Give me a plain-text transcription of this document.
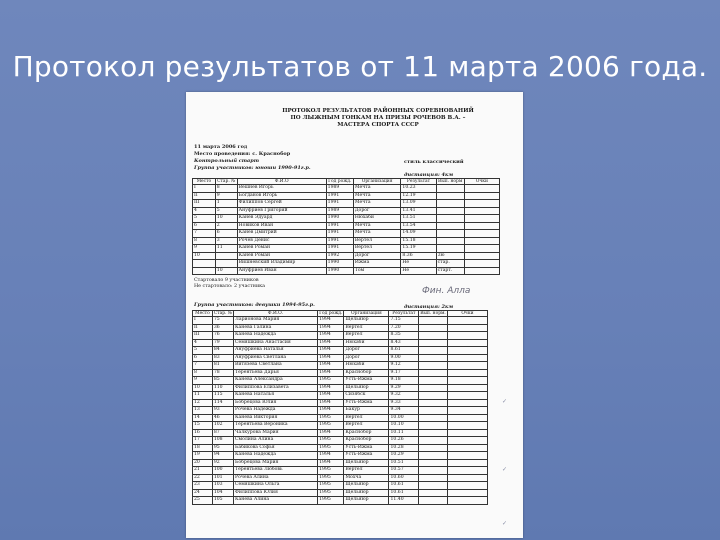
Протокол результатов от 11 марта 2006 года.
ПРОТОКОЛ РЕЗУЛЬТАТОВ РАЙОННЫХ СОРЕВНОВАНИЙ
ПО ЛЫЖНЫМ ГОНКАМ НА ПРИЗЫ РОЧЕВОВ В.А. –
МАСТЕРА СПОРТА СССР
11 марта 2006 год
Место проведения: с. Краснобор
Контрольный старт	стиль классический
Группа участников: юноши 1990-91г.р.
дистанция: 4км
Место	Стар. №	Ф.И.О	Год рожд.	Организация	Результат	Вып. норм	Очки
I	8	Вешнев Игорь	1989	Мечта	10.23		
II	9	Богданов Игорь	1991	Мечта	12.19		
III	1	Филиппов Сергей	1991	Мечта	13.09		
4	5	Ануфриев Григорий	1989	Дорог	13.41		
5	10	Канев Эдуард	1990	Нюхаби	13.51		
6	2	Новиков Иван	1991	Мечта	13.54		
7	6	Канев Дмитрий	1991	Мечта	14.09		
8	3	Рочев Денис	1991	Вертел	15.18		
9	11	Канев Роман	1991	Вертел	15.19		
10		Канев Роман	1992	Дорог	8.36	3ю	
		Вишневский Владимир	1990	Ижма	Не	стар.	
	10	Ануфриев Иван	1990	Том	Не	старт.	
Стартовало 9 участников
Не стартовало: 2 участника	Фин. Алла
Группа участников: девушки 1994-95г.р.	дистанция: 2км
Место	Стар. №	Ф.И.О.	Год рожд.	Организация	Результат	Вып. норм.	Очки
I	75	Ларионова Мария	1994	Щельяюр	7.15		
II	36	Канева Галина	1994	Вертел	7.20		
III	76	Канева Надежда	1994	Вертел	8.35		
4	79	Семяшкина Анастасия	1994	Нюхаби	8.43		
5	84	Ануфриева Наталья	1994	Дорог	8.61		
6	83	Ануфриева Светлана	1994	Дорог	9.00		
7	81	Витязева Светлана	1994	Нюхаби	9.12		
8	78	Терентьева Дарья	1994	Краснобор	9.17		
9	85	Канева Александра	1995	Усть-Ижма	9.18		
10	110	Филиппова Елизавета	1994	Щельяюр	9.29		
11	115	Канева Наталья	1994	Сизябск	9.32		
12	114	Бобрецова Юлия	1994	Усть-Ижма	9.33		
13	93	Рочева Надежда	1994	Бакур	9.34		
14	46	Канева Виктория	1995	Вертел	10.00		
15	102	Терентьева Вероника	1995	Вертел	10.10		
16	87	Чалкурова Мария	1994	Краснобор	10.11		
17	108	Смолина Алина	1995	Краснобор	10.26		
18	95	Бабикова Софья	1995	Усть-Ижма	10.28		
19	94	Канева Надежда	1994	Усть-Ижма	10.29		
20	92	Бобрецова Мария	1994	Щельяюр	10.51		
21	100	Терентьева Любовь	1995	Вертел	10.57		
22	101	Рочева Алина	1995	Мохча	10.60		
23	103	Семяшкина Ольга	1995	Щельяюр	10.61		
24	104	Филиппова Юлия	1995	Щельяюр	10.61		
25	105	Канева Алина	1995	Щельяюр	11.40		
✓
✓
✓
